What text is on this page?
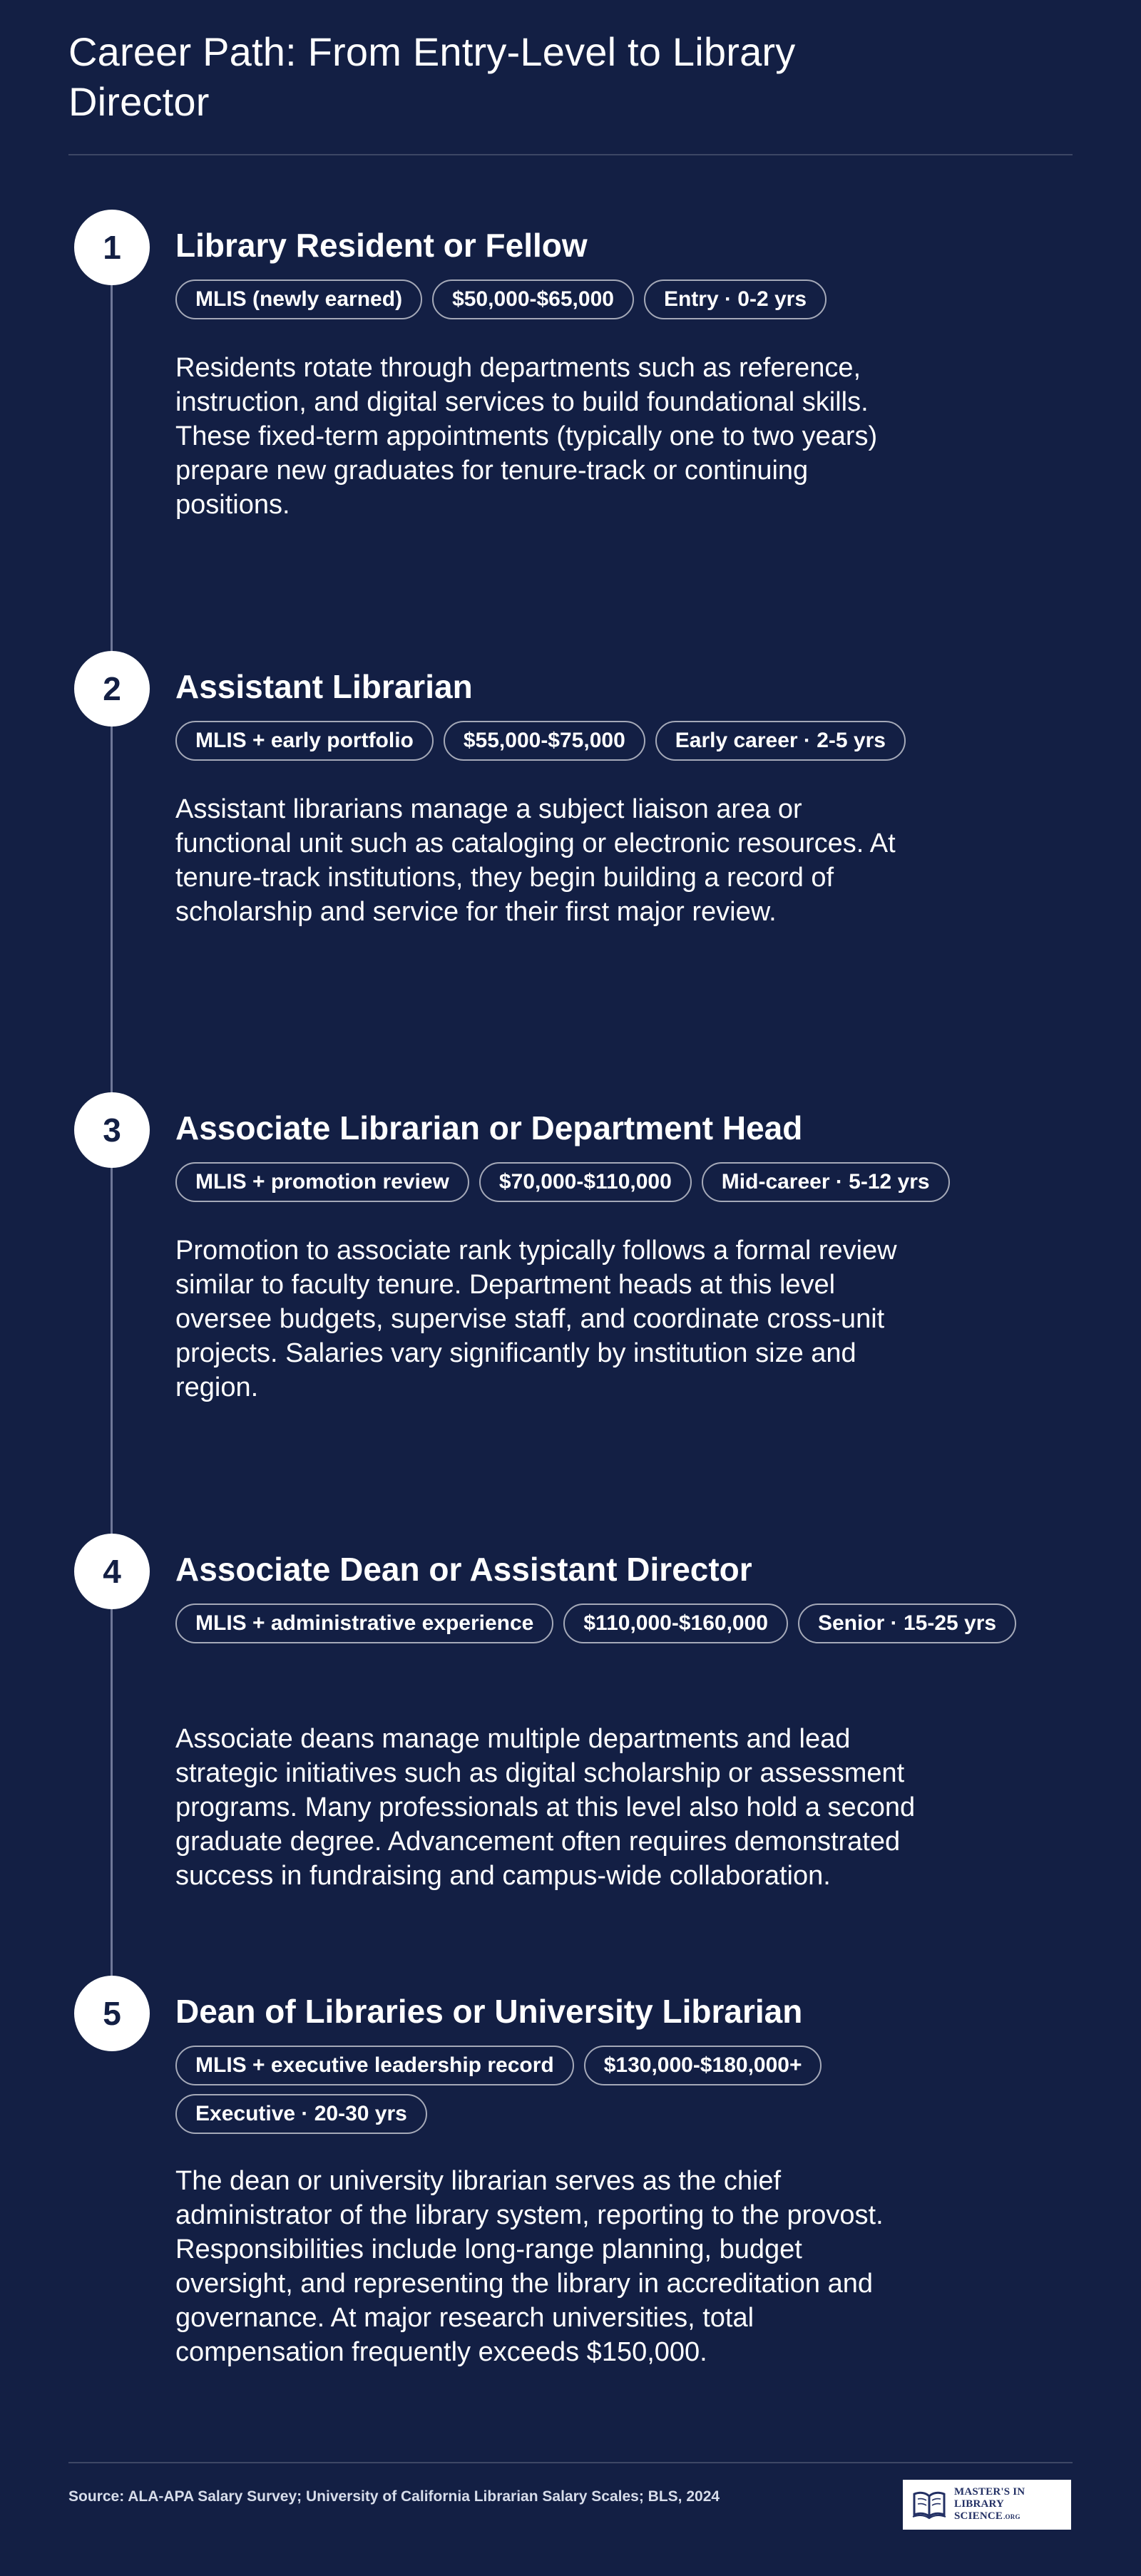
Career Path: From Entry-Level to Library Director
1	Library Resident or Fellow
MLIS (newly earned)	$50,000-$65,000	Entry · 0-2 yrs

Residents rotate through departments such as reference, instruction, and digital services to build foundational skills. These fixed-term appointments (typically one to two years) prepare new graduates for tenure-track or continuing positions.

2	Assistant Librarian
MLIS + early portfolio	$55,000-$75,000	Early career · 2-5 yrs

Assistant librarians manage a subject liaison area or functional unit such as cataloging or electronic resources. At tenure-track institutions, they begin building a record of scholarship and service for their first major review.

3	Associate Librarian or Department Head
MLIS + promotion review	$70,000-$110,000	Mid-career · 5-12 yrs

Promotion to associate rank typically follows a formal review similar to faculty tenure. Department heads at this level oversee budgets, supervise staff, and coordinate cross-unit projects. Salaries vary significantly by institution size and region.

4	Associate Dean or Assistant Director
MLIS + administrative experience	$110,000-$160,000	Senior · 15-25 yrs

Associate deans manage multiple departments and lead strategic initiatives such as digital scholarship or assessment programs. Many professionals at this level also hold a second graduate degree. Advancement often requires demonstrated success in fundraising and campus-wide collaboration.

5	Dean of Libraries or University Librarian
MLIS + executive leadership record	$130,000-$180,000+
Executive · 20-30 yrs

The dean or university librarian serves as the chief administrator of the library system, reporting to the provost. Responsibilities include long-range planning, budget oversight, and representing the library in accreditation and governance. At major research universities, total compensation frequently exceeds $150,000.

Source: ALA-APA Salary Survey; University of California Librarian Salary Scales; BLS, 2024	MASTER'S IN
LIBRARY SCIENCE.ORG
